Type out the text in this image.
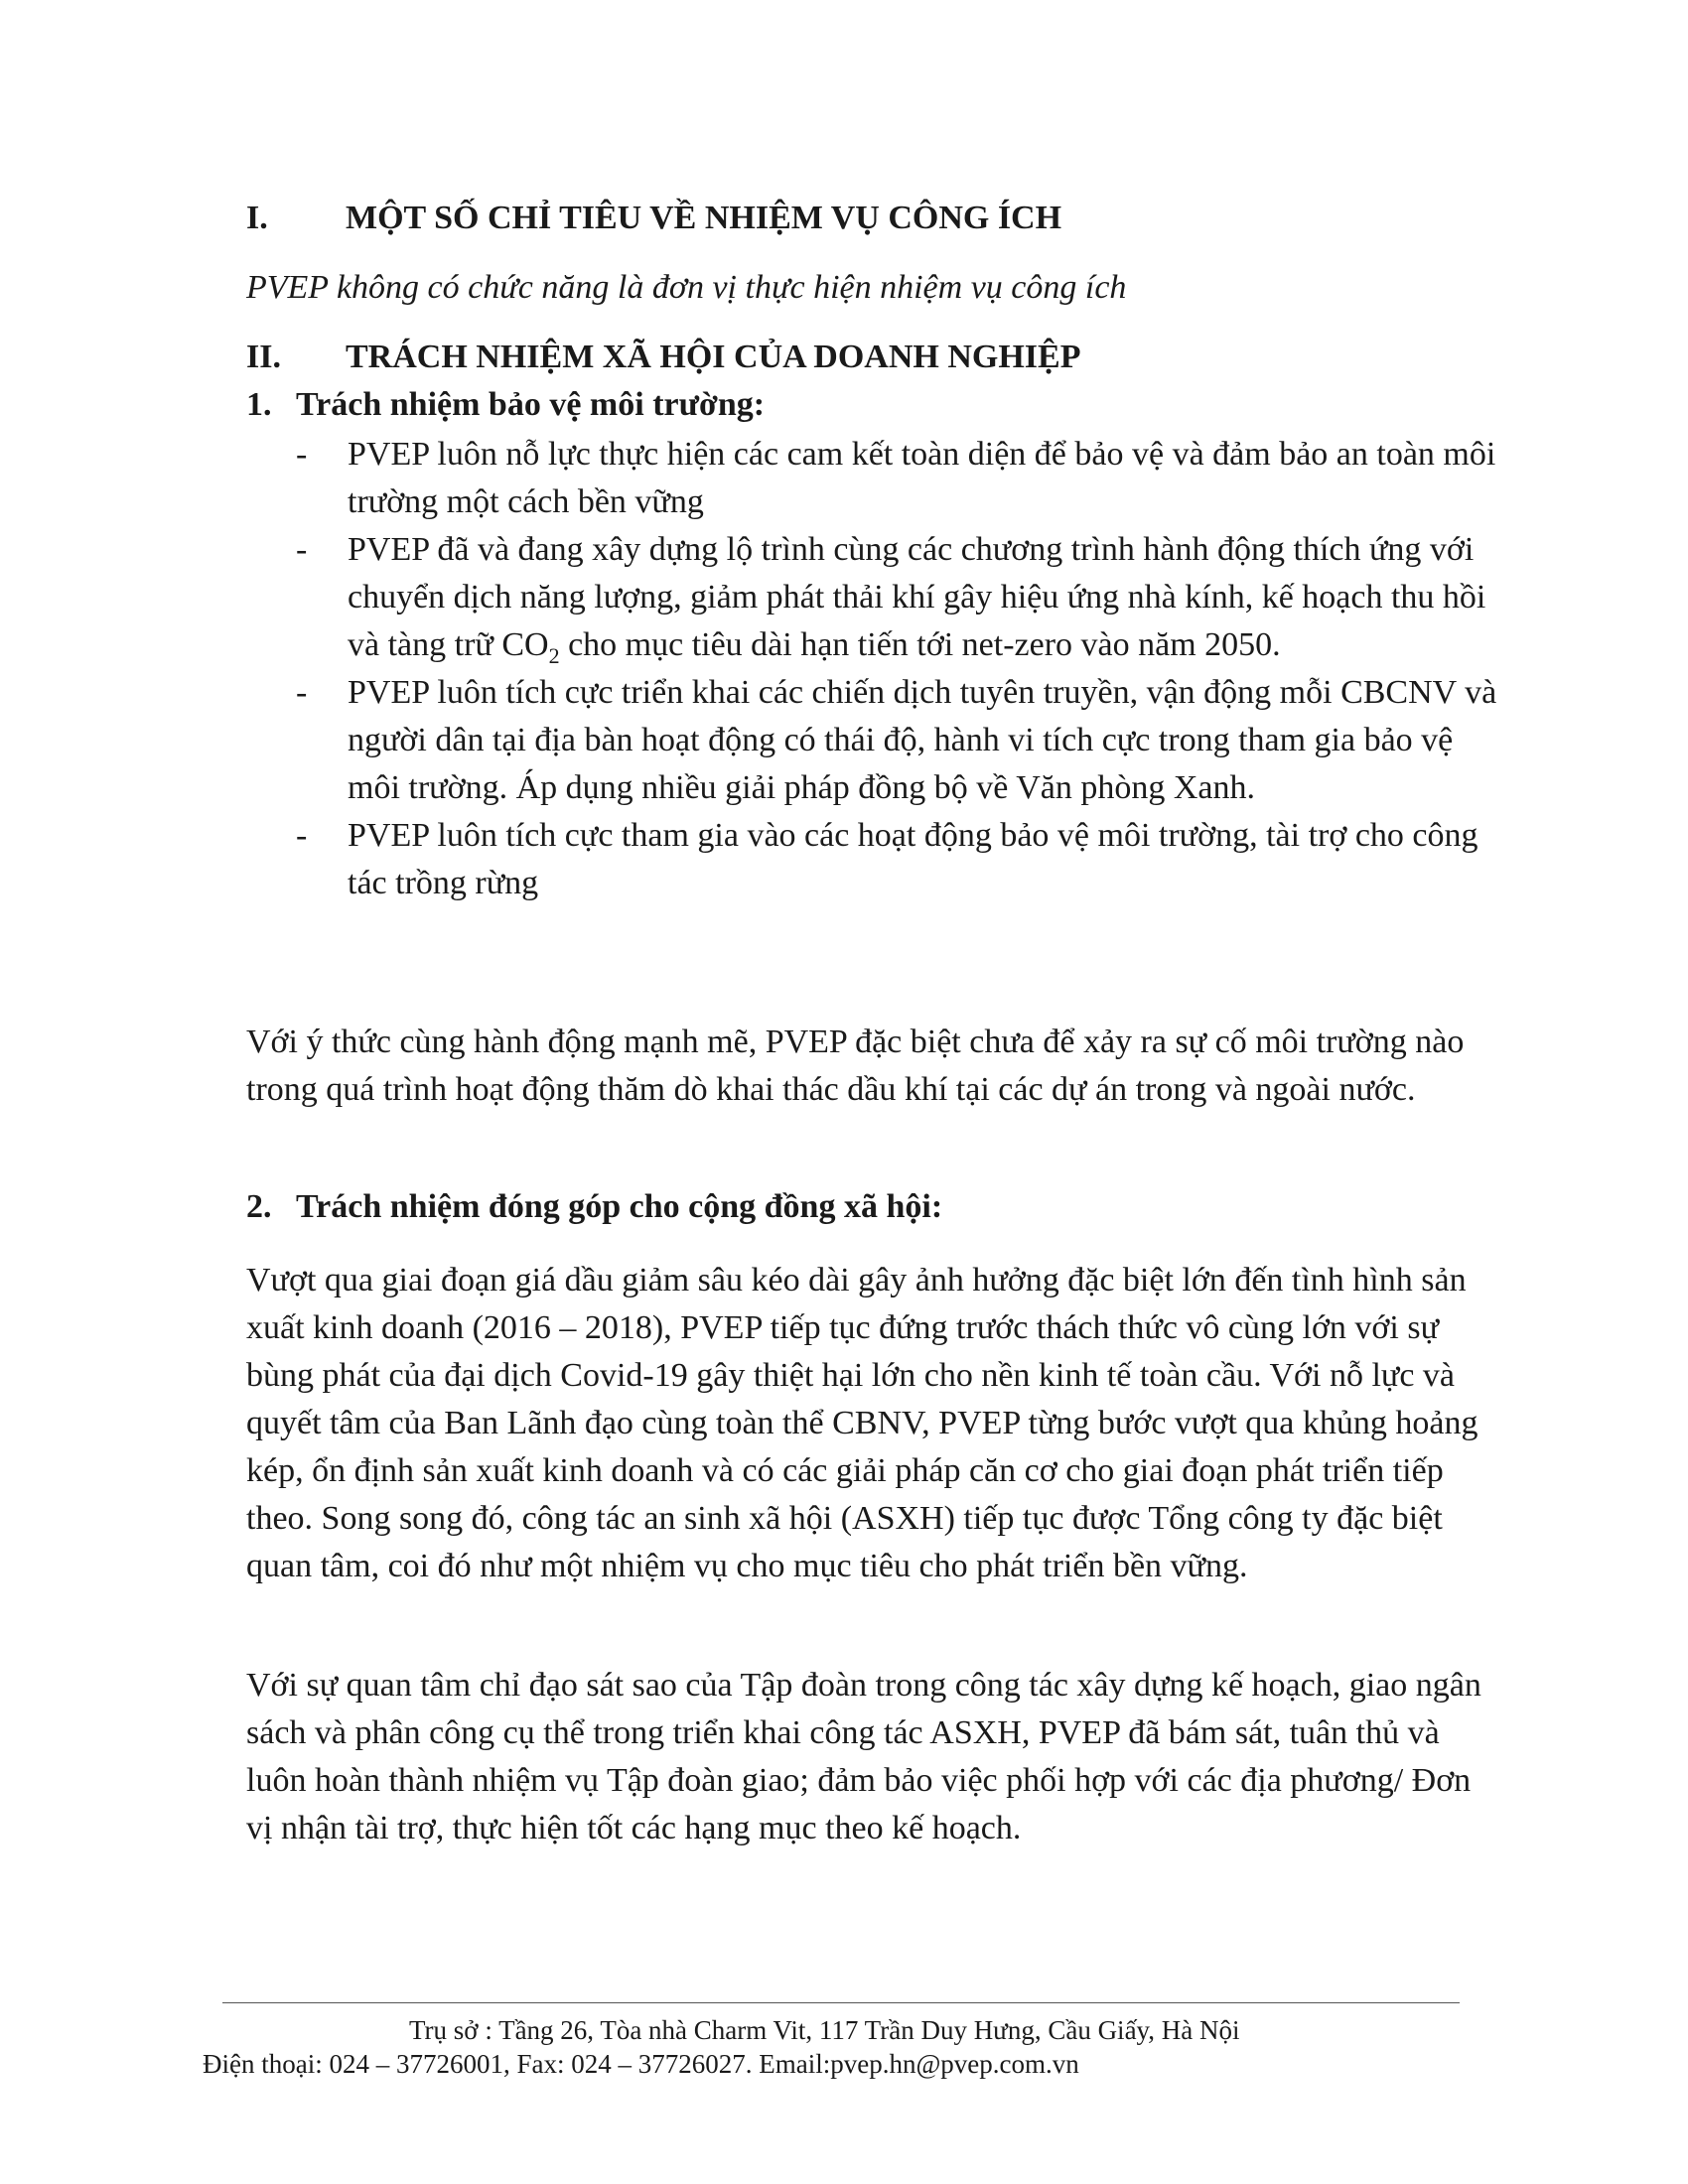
I. MỘT SỐ CHỈ TIÊU VỀ NHIỆM VỤ CÔNG ÍCH
PVEP không có chức năng là đơn vị thực hiện nhiệm vụ công ích
II. TRÁCH NHIỆM XÃ HỘI CỦA DOANH NGHIỆP
1. Trách nhiệm bảo vệ môi trường:
- PVEP luôn nỗ lực thực hiện các cam kết toàn diện để bảo vệ và đảm bảo an toàn môi trường một cách bền vững
- PVEP đã và đang xây dựng lộ trình cùng các chương trình hành động thích ứng với chuyển dịch năng lượng, giảm phát thải khí gây hiệu ứng nhà kính, kế hoạch thu hồi và tàng trữ $CO_2$ cho mục tiêu dài hạn tiến tới net-zero vào năm 2050.
- PVEP luôn tích cực triển khai các chiến dịch tuyên truyền, vận động mỗi CBCNV và người dân tại địa bàn hoạt động có thái độ, hành vi tích cực trong tham gia bảo vệ môi trường. Áp dụng nhiều giải pháp đồng bộ về Văn phòng Xanh.
- PVEP luôn tích cực tham gia vào các hoạt động bảo vệ môi trường, tài trợ cho công tác trồng rừng

Với ý thức cùng hành động mạnh mẽ, PVEP đặc biệt chưa để xảy ra sự cố môi trường nào trong quá trình hoạt động thăm dò khai thác dầu khí tại các dự án trong và ngoài nước.

2. Trách nhiệm đóng góp cho cộng đồng xã hội:

Vượt qua giai đoạn giá dầu giảm sâu kéo dài gây ảnh hưởng đặc biệt lớn đến tình hình sản xuất kinh doanh (2016 – 2018), PVEP tiếp tục đứng trước thách thức vô cùng lớn với sự bùng phát của đại dịch Covid-19 gây thiệt hại lớn cho nền kinh tế toàn cầu. Với nỗ lực và quyết tâm của Ban Lãnh đạo cùng toàn thể CBNV, PVEP từng bước vượt qua khủng hoảng kép, ổn định sản xuất kinh doanh và có các giải pháp căn cơ cho giai đoạn phát triển tiếp theo. Song song đó, công tác an sinh xã hội (ASXH) tiếp tục được Tổng công ty đặc biệt quan tâm, coi đó như một nhiệm vụ cho mục tiêu cho phát triển bền vững.

Với sự quan tâm chỉ đạo sát sao của Tập đoàn trong công tác xây dựng kế hoạch, giao ngân sách và phân công cụ thể trong triển khai công tác ASXH, PVEP đã bám sát, tuân thủ và luôn hoàn thành nhiệm vụ Tập đoàn giao; đảm bảo việc phối hợp với các địa phương/ Đơn vị nhận tài trợ, thực hiện tốt các hạng mục theo kế hoạch.

Trụ sở : Tầng 26, Tòa nhà Charm Vit, 117 Trần Duy Hưng, Cầu Giấy, Hà Nội
Điện thoại: 024 – 37726001, Fax: 024 – 37726027. Email:pvep.hn@pvep.com.vn
